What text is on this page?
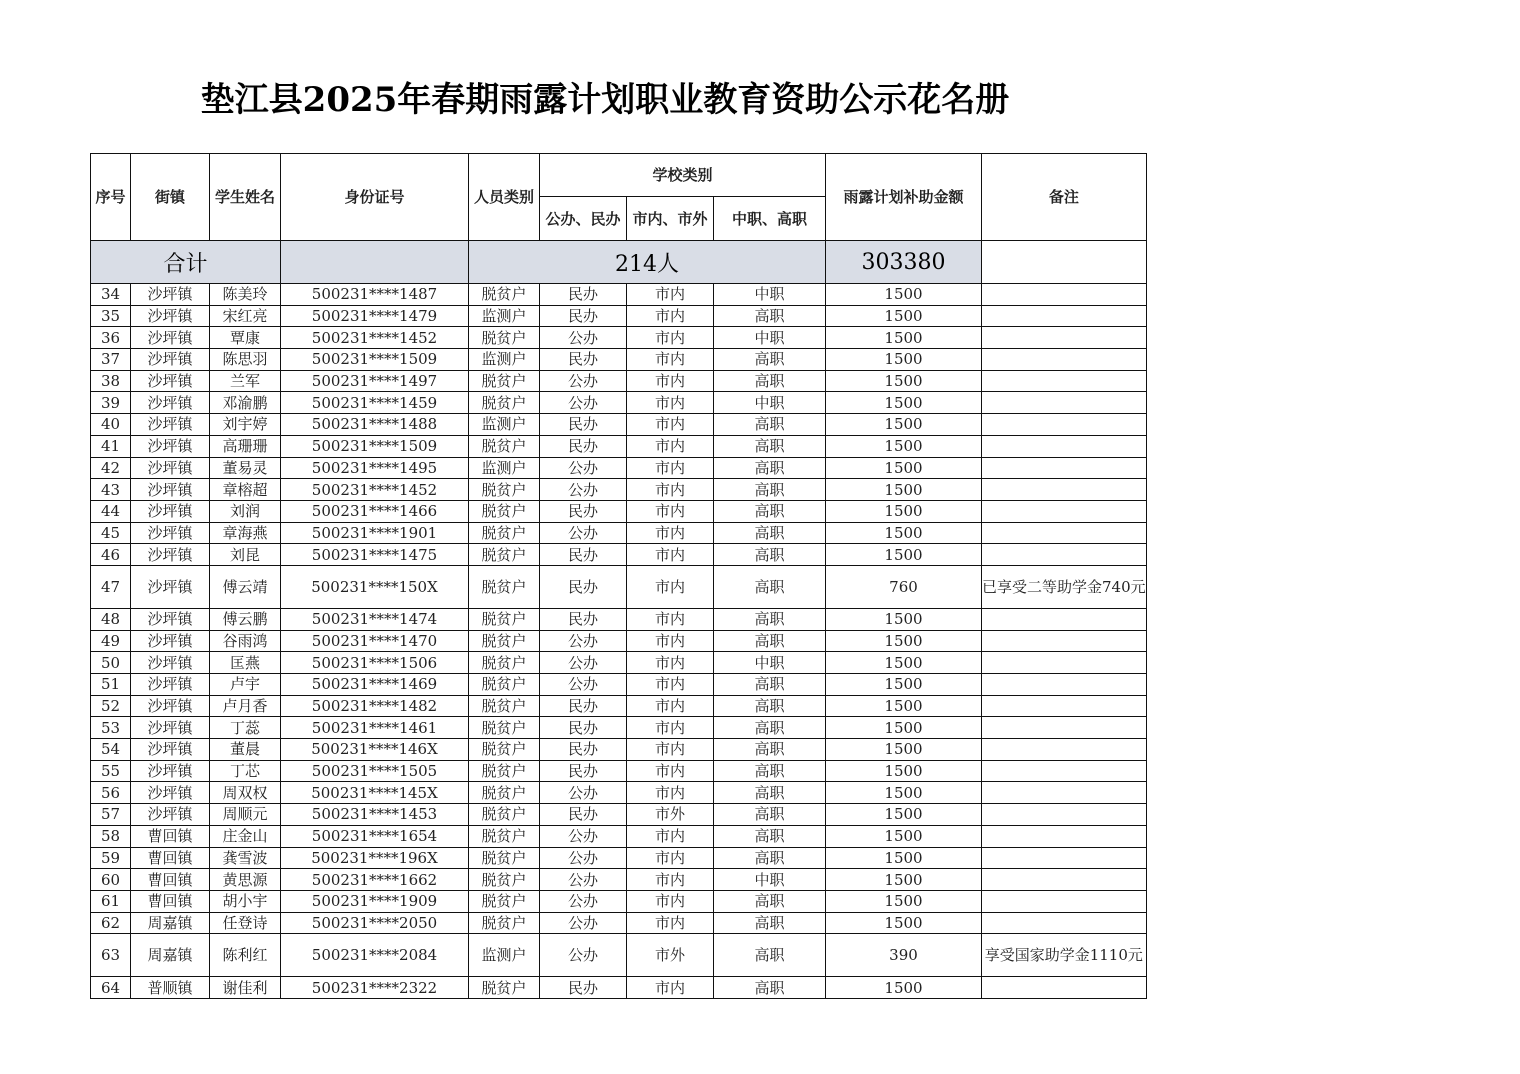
垫江县2025年春期雨露计划职业教育资助公示花名册
序号	街镇	学生姓名	身份证号	人员类别	学校类别			雨露计划补助金额	备注
					公办、民办	市内、市外	中职、高职		
合计				214人				303380	
34	沙坪镇	陈美玲	500231****1487	脱贫户	民办	市内	中职	1500	
35	沙坪镇	宋红亮	500231****1479	监测户	民办	市内	高职	1500	
36	沙坪镇	覃康	500231****1452	脱贫户	公办	市内	中职	1500	
37	沙坪镇	陈思羽	500231****1509	监测户	民办	市内	高职	1500	
38	沙坪镇	兰军	500231****1497	脱贫户	公办	市内	高职	1500	
39	沙坪镇	邓渝鹏	500231****1459	脱贫户	公办	市内	中职	1500	
40	沙坪镇	刘宇婷	500231****1488	监测户	民办	市内	高职	1500	
41	沙坪镇	高珊珊	500231****1509	脱贫户	民办	市内	高职	1500	
42	沙坪镇	董易灵	500231****1495	监测户	公办	市内	高职	1500	
43	沙坪镇	章榕超	500231****1452	脱贫户	公办	市内	高职	1500	
44	沙坪镇	刘润	500231****1466	脱贫户	民办	市内	高职	1500	
45	沙坪镇	章海燕	500231****1901	脱贫户	公办	市内	高职	1500	
46	沙坪镇	刘昆	500231****1475	脱贫户	民办	市内	高职	1500	
47	沙坪镇	傅云靖	500231****150X	脱贫户	民办	市内	高职	760	已享受二等助学金740元
48	沙坪镇	傅云鹏	500231****1474	脱贫户	民办	市内	高职	1500	
49	沙坪镇	谷雨鸿	500231****1470	脱贫户	公办	市内	高职	1500	
50	沙坪镇	匡燕	500231****1506	脱贫户	公办	市内	中职	1500	
51	沙坪镇	卢宇	500231****1469	脱贫户	公办	市内	高职	1500	
52	沙坪镇	卢月香	500231****1482	脱贫户	民办	市内	高职	1500	
53	沙坪镇	丁蕊	500231****1461	脱贫户	民办	市内	高职	1500	
54	沙坪镇	董晨	500231****146X	脱贫户	民办	市内	高职	1500	
55	沙坪镇	丁芯	500231****1505	脱贫户	民办	市内	高职	1500	
56	沙坪镇	周双权	500231****145X	脱贫户	公办	市内	高职	1500	
57	沙坪镇	周顺元	500231****1453	脱贫户	民办	市外	高职	1500	
58	曹回镇	庄金山	500231****1654	脱贫户	公办	市内	高职	1500	
59	曹回镇	龚雪波	500231****196X	脱贫户	公办	市内	高职	1500	
60	曹回镇	黄思源	500231****1662	脱贫户	公办	市内	中职	1500	
61	曹回镇	胡小宇	500231****1909	脱贫户	公办	市内	高职	1500	
62	周嘉镇	任登诗	500231****2050	脱贫户	公办	市内	高职	1500	
63	周嘉镇	陈利红	500231****2084	监测户	公办	市外	高职	390	享受国家助学金1110元
64	普顺镇	谢佳利	500231****2322	脱贫户	民办	市内	高职	1500	
